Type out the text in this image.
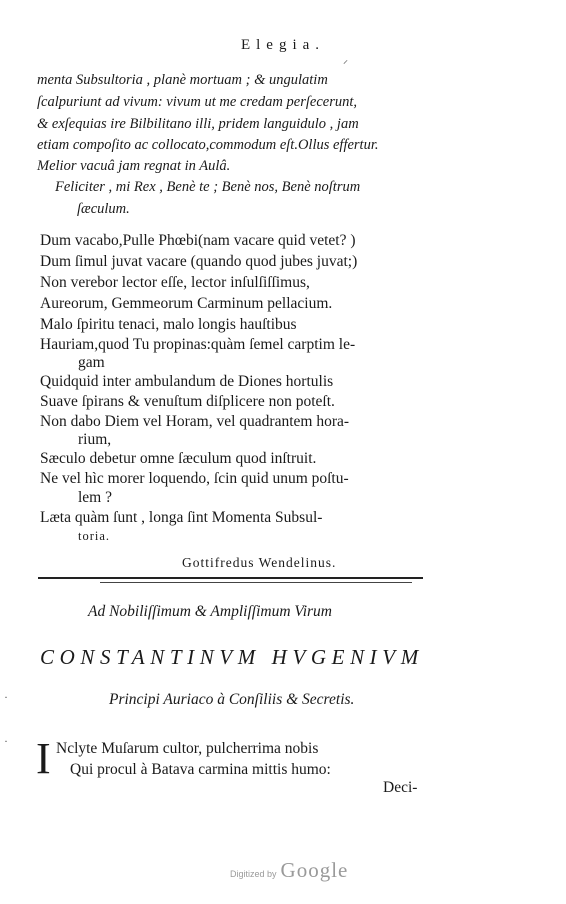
Elegia.
⸝
menta Subsultoria , planè mortuam ; & ungulatim
ſcalpuriunt ad vivum: vivum ut me credam perſecerunt,
& exſequias ire Bilbilitano illi, pridem languidulo , jam
etiam compoſito ac collocato,commodum eſt.Ollus effertur.
Melior vacuâ jam regnat in Aulâ.
Feliciter , mi Rex , Benè te ; Benè nos, Benè noſtrum
ſæculum.
Dum vacabo,Pulle Phœbi(nam vacare quid vetet? )
Dum ſimul juvat vacare (quando quod jubes juvat;)
Non verebor lector eſſe, lector inſulſiſſimus,
Aureorum, Gemmeorum Carminum pellacium.
Malo ſpiritu tenaci, malo longis hauſtibus
Hauriam,quod Tu propinas:quàm ſemel carptim le-
gam
Quidquid inter ambulandum de Diones hortulis
Suave ſpirans & venuſtum diſplicere non poteſt.
Non dabo Diem vel Horam, vel quadrantem hora-
rium,
Sæculo debetur omne ſæculum quod inſtruit.
Ne vel hìc morer loquendo, ſcin quid unum poſtu-
lem ?
Læta quàm ſunt , longa ſint Momenta Subsul-
toria.
Gottifredus Wendelinus.
Ad Nobiliſſimum & Ampliſſimum Virum
CONSTANTINVM HVGENIVM
Principi Auriaco à Conſiliis & Secretis.
I Nclyte Muſarum cultor, pulcherrima nobis
Qui procul à Batava carmina mittis humo:
Deci-
·
·
Digitized by Google
